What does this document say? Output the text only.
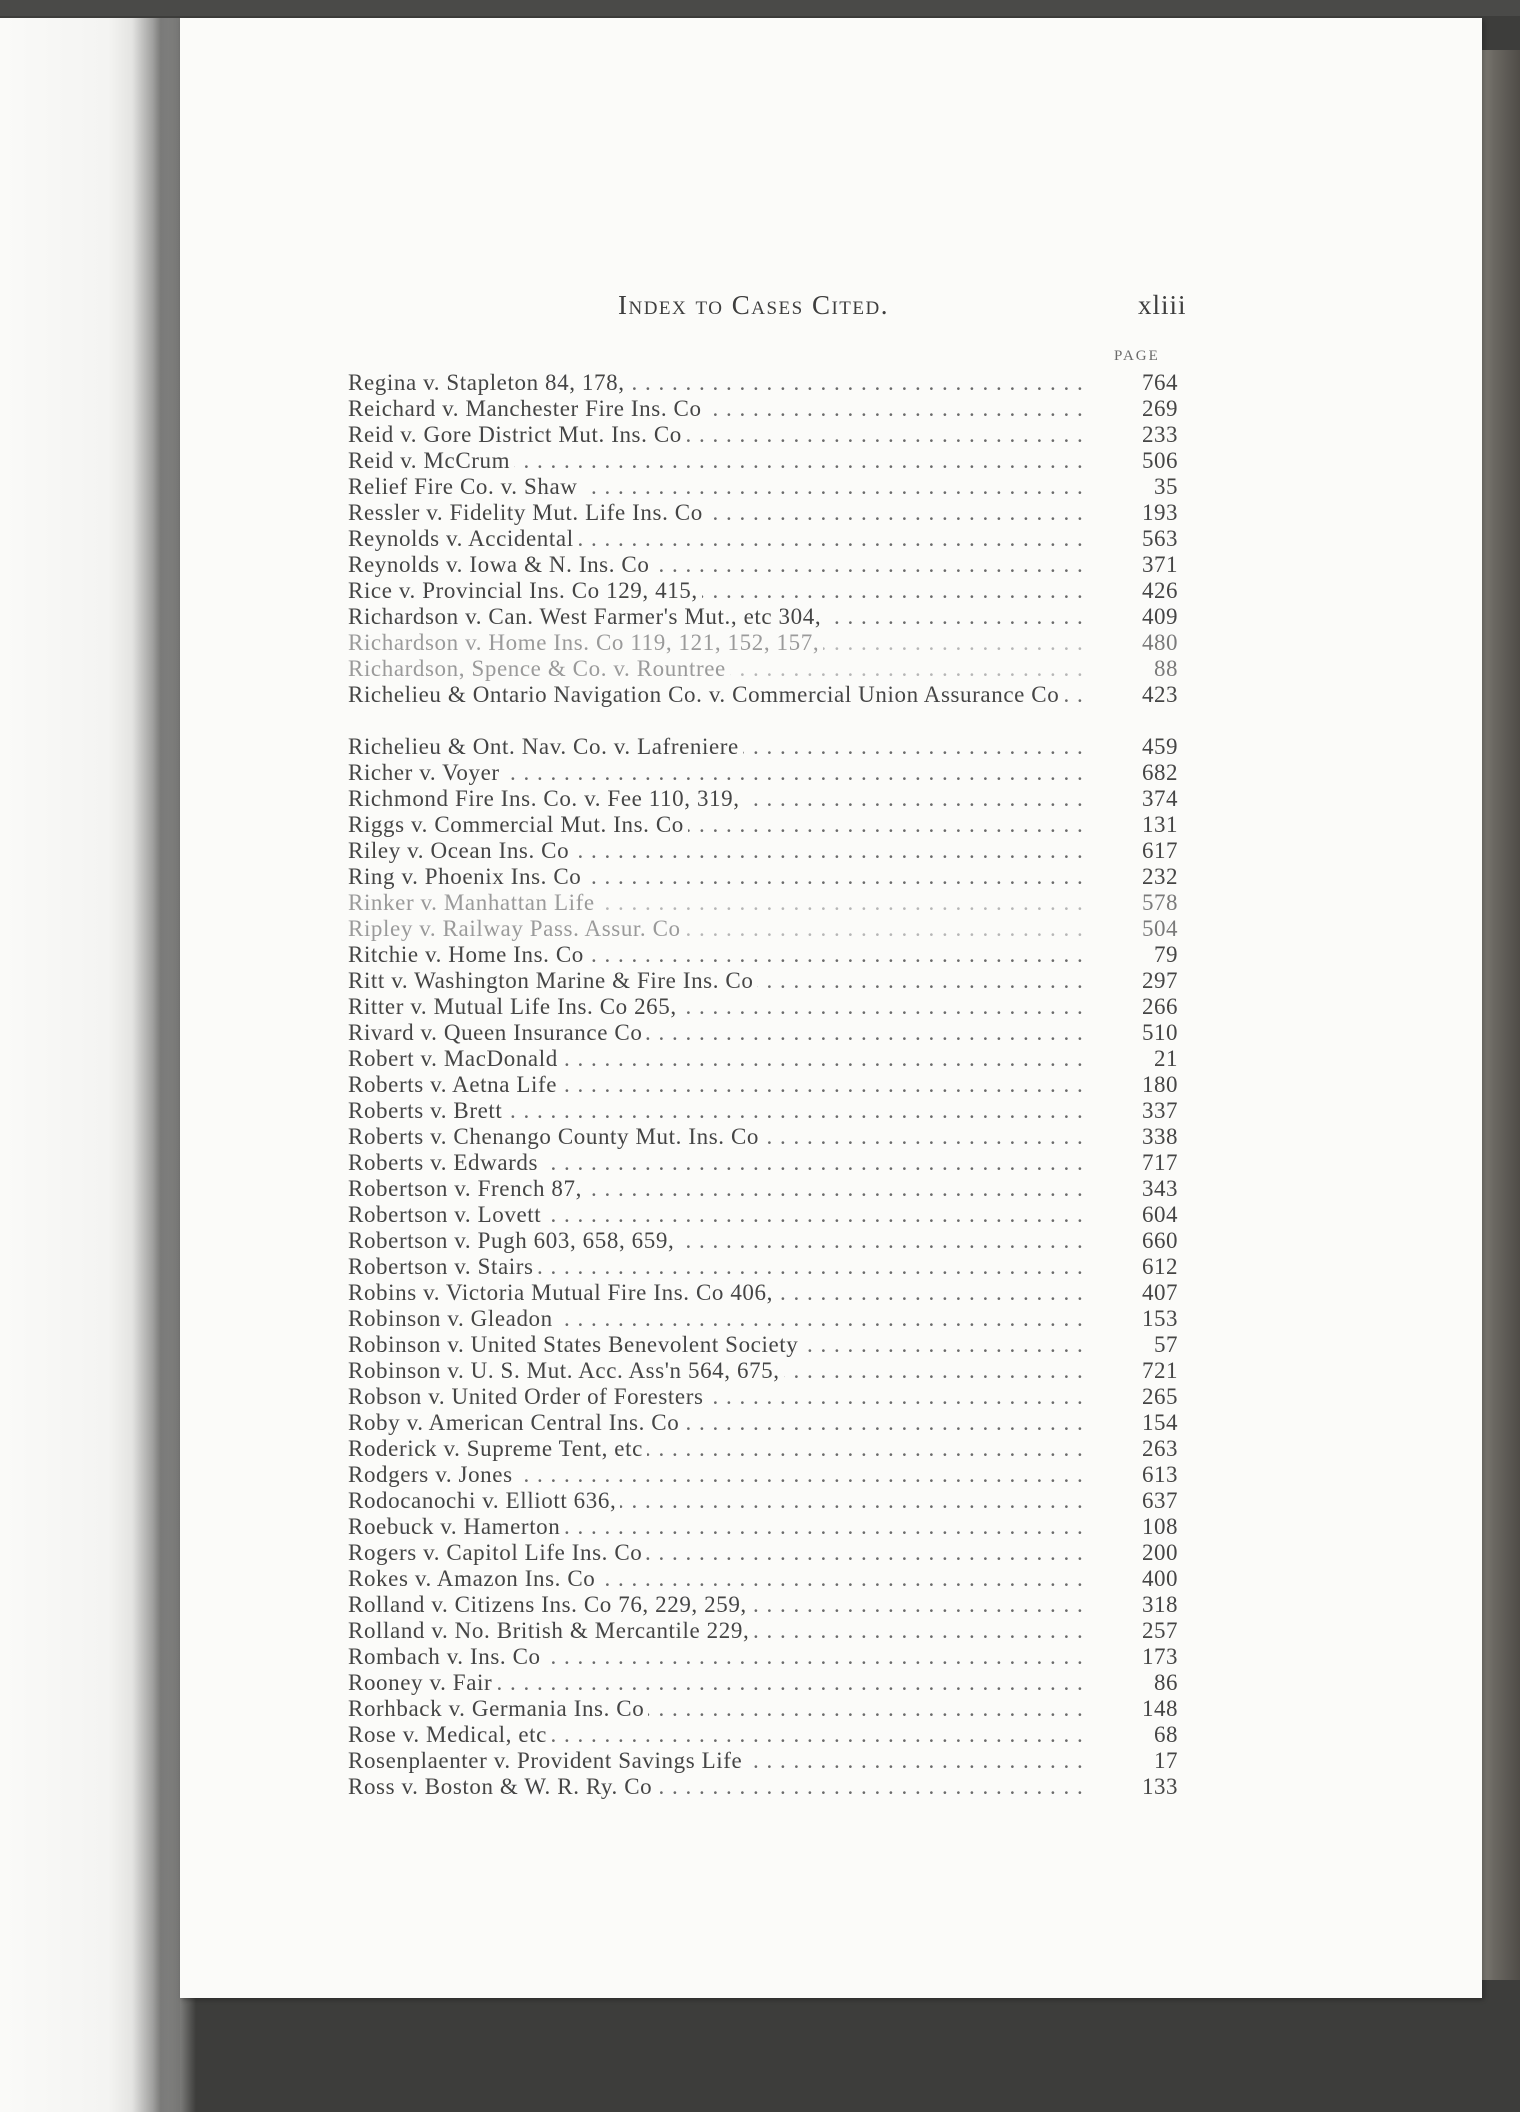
Index to Cases Cited.	xliii
PAGE
Regina v. Stapleton 84, 178, . . .	764
Reichard v. Manchester Fire Ins. Co . . .	269
Reid v. Gore District Mut. Ins. Co . . .	233
Reid v. McCrum . . .	506
Relief Fire Co. v. Shaw . . .	35
Ressler v. Fidelity Mut. Life Ins. Co . . .	193
Reynolds v. Accidental . . .	563
Reynolds v. Iowa & N. Ins. Co . . .	371
Rice v. Provincial Ins. Co 129, 415, . . .	426
Richardson v. Can. West Farmer's Mut., etc 304, . . .	409
Richardson v. Home Ins. Co 119, 121, 152, 157, . . .	480
Richardson, Spence & Co. v. Rountree . . .	88
Richelieu & Ontario Navigation Co. v. Commercial Union Assurance Co . . .	423
Richelieu & Ont. Nav. Co. v. Lafreniere . . .	459
Richer v. Voyer . . .	682
Richmond Fire Ins. Co. v. Fee 110, 319, . . .	374
Riggs v. Commercial Mut. Ins. Co . . .	131
Riley v. Ocean Ins. Co . . .	617
Ring v. Phoenix Ins. Co . . .	232
Rinker v. Manhattan Life . . .	578
Ripley v. Railway Pass. Assur. Co . . .	504
Ritchie v. Home Ins. Co . . .	79
Ritt v. Washington Marine & Fire Ins. Co . . .	297
Ritter v. Mutual Life Ins. Co 265, . . .	266
Rivard v. Queen Insurance Co . . .	510
Robert v. MacDonald . . .	21
Roberts v. Aetna Life . . .	180
Roberts v. Brett . . .	337
Roberts v. Chenango County Mut. Ins. Co . . .	338
Roberts v. Edwards . . .	717
Robertson v. French 87, . . .	343
Robertson v. Lovett . . .	604
Robertson v. Pugh 603, 658, 659, . . .	660
Robertson v. Stairs . . .	612
Robins v. Victoria Mutual Fire Ins. Co 406, . . .	407
Robinson v. Gleadon . . .	153
Robinson v. United States Benevolent Society . . .	57
Robinson v. U. S. Mut. Acc. Ass'n 564, 675, . . .	721
Robson v. United Order of Foresters . . .	265
Roby v. American Central Ins. Co . . .	154
Roderick v. Supreme Tent, etc . . .	263
Rodgers v. Jones . . .	613
Rodocanochi v. Elliott 636, . . .	637
Roebuck v. Hamerton . . .	108
Rogers v. Capitol Life Ins. Co . . .	200
Rokes v. Amazon Ins. Co . . .	400
Rolland v. Citizens Ins. Co 76, 229, 259, . . .	318
Rolland v. No. British & Mercantile 229, . . .	257
Rombach v. Ins. Co . . .	173
Rooney v. Fair . . .	86
Rorhback v. Germania Ins. Co . . .	148
Rose v. Medical, etc . . .	68
Rosenplaenter v. Provident Savings Life . . .	17
Ross v. Boston & W. R. Ry. Co . . .	133
